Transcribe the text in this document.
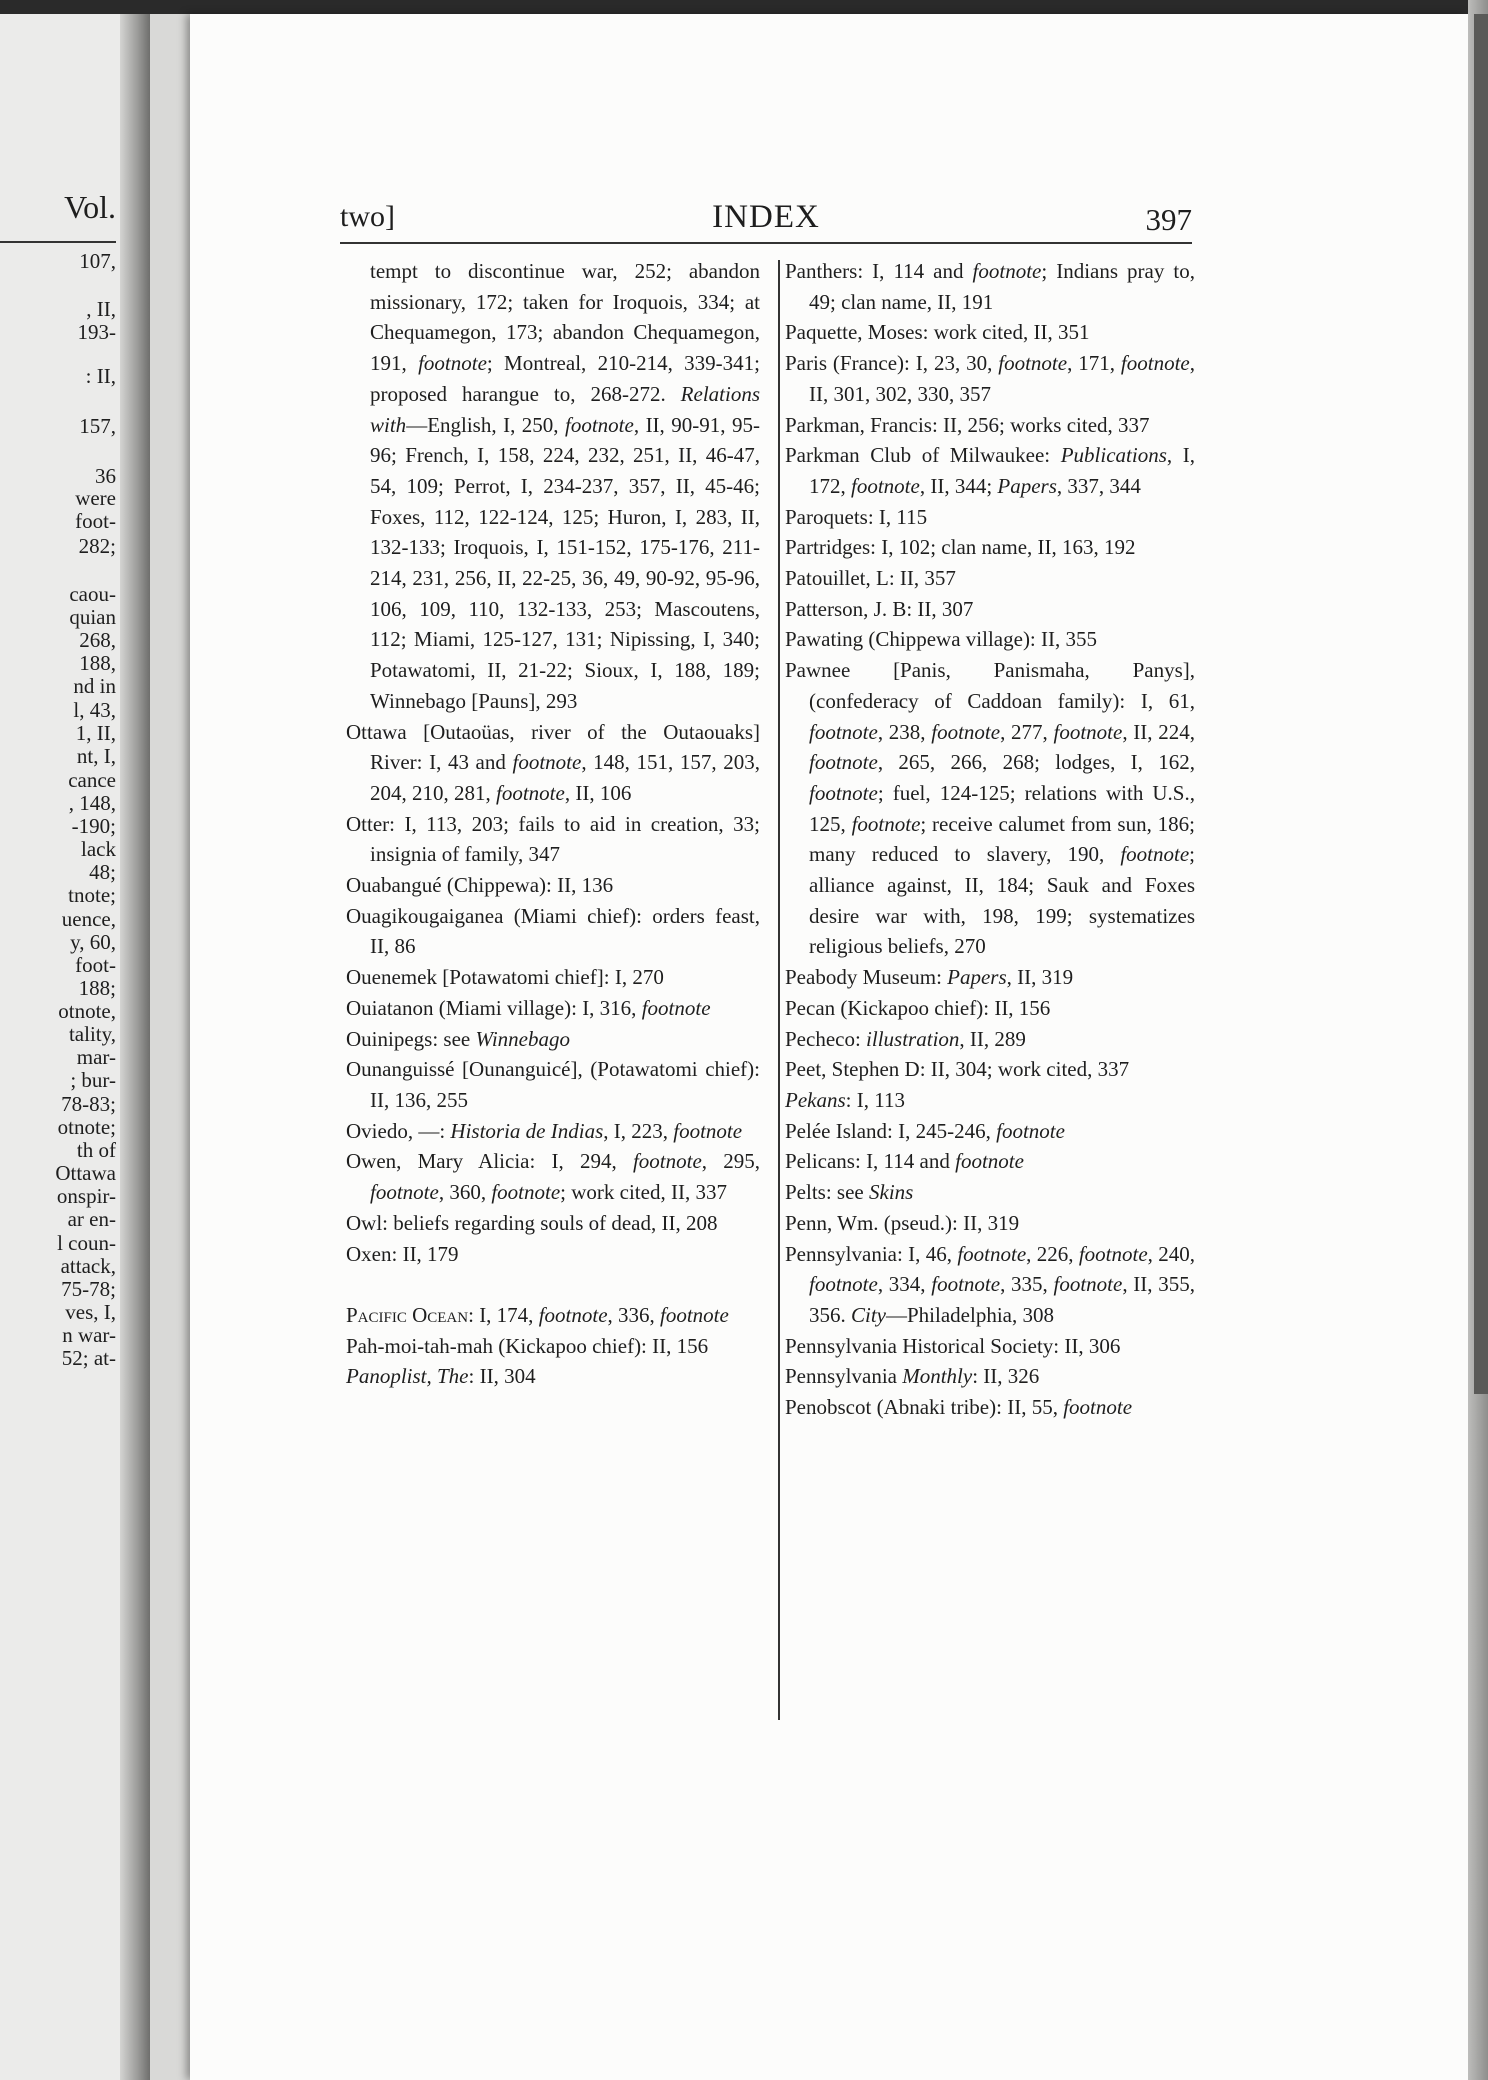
Vol.
107,
, II,
193-
: II,
157,
36
were
foot-
282;
caou-
quian
268,
188,
nd in
l, 43,
1, II,
nt, I,
cance
, 148,
-190;
lack
48;
tnote;
uence,
y, 60,
foot-
188;
otnote,
tality,
mar-
; bur-
78-83;
otnote;
th of
Ottawa
onspir-
ar en-
l coun-
attack,
75-78;
ves, I,
n war-
52; at-
two]	INDEX	397
tempt to discontinue war, 252; abandon missionary, 172; taken for Iroquois, 334; at Chequamegon, 173; abandon Chequamegon, 191, footnote; Montreal, 210-214, 339-341; proposed harangue to, 268-272. Relations with—English, I, 250, footnote, II, 90-91, 95-96; French, I, 158, 224, 232, 251, II, 46-47, 54, 109; Perrot, I, 234-237, 357, II, 45-46; Foxes, 112, 122-124, 125; Huron, I, 283, II, 132-133; Iroquois, I, 151-152, 175-176, 211-214, 231, 256, II, 22-25, 36, 49, 90-92, 95-96, 106, 109, 110, 132-133, 253; Mascoutens, 112; Miami, 125-127, 131; Nipissing, I, 340; Potawatomi, II, 21-22; Sioux, I, 188, 189; Winnebago [Pauns], 293
Ottawa [Outaoüas, river of the Outaouaks] River: I, 43 and footnote, 148, 151, 157, 203, 204, 210, 281, footnote, II, 106
Otter: I, 113, 203; fails to aid in creation, 33; insignia of family, 347
Ouabangué (Chippewa): II, 136
Ouagikougaiganea (Miami chief): orders feast, II, 86
Ouenemek [Potawatomi chief]: I, 270
Ouiatanon (Miami village): I, 316, footnote
Ouinipegs: see Winnebago
Ounanguissé [Ounanguicé], (Potawatomi chief): II, 136, 255
Oviedo, —: Historia de Indias, I, 223, footnote
Owen, Mary Alicia: I, 294, footnote, 295, footnote, 360, footnote; work cited, II, 337
Owl: beliefs regarding souls of dead, II, 208
Oxen: II, 179
Pacific Ocean: I, 174, footnote, 336, footnote
Pah-moi-tah-mah (Kickapoo chief): II, 156
Panoplist, The: II, 304
Panthers: I, 114 and footnote; Indians pray to, 49; clan name, II, 191
Paquette, Moses: work cited, II, 351
Paris (France): I, 23, 30, footnote, 171, footnote, II, 301, 302, 330, 357
Parkman, Francis: II, 256; works cited, 337
Parkman Club of Milwaukee: Publications, I, 172, footnote, II, 344; Papers, 337, 344
Paroquets: I, 115
Partridges: I, 102; clan name, II, 163, 192
Patouillet, L: II, 357
Patterson, J. B: II, 307
Pawating (Chippewa village): II, 355
Pawnee [Panis, Panismaha, Panys], (confederacy of Caddoan family): I, 61, footnote, 238, footnote, 277, footnote, II, 224, footnote, 265, 266, 268; lodges, I, 162, footnote; fuel, 124-125; relations with U.S., 125, footnote; receive calumet from sun, 186; many reduced to slavery, 190, footnote; alliance against, II, 184; Sauk and Foxes desire war with, 198, 199; systematizes religious beliefs, 270
Peabody Museum: Papers, II, 319
Pecan (Kickapoo chief): II, 156
Pecheco: illustration, II, 289
Peet, Stephen D: II, 304; work cited, 337
Pekans: I, 113
Pelée Island: I, 245-246, footnote
Pelicans: I, 114 and footnote
Pelts: see Skins
Penn, Wm. (pseud.): II, 319
Pennsylvania: I, 46, footnote, 226, footnote, 240, footnote, 334, footnote, 335, footnote, II, 355, 356. City—Philadelphia, 308
Pennsylvania Historical Society: II, 306
Pennsylvania Monthly: II, 326
Penobscot (Abnaki tribe): II, 55, footnote
